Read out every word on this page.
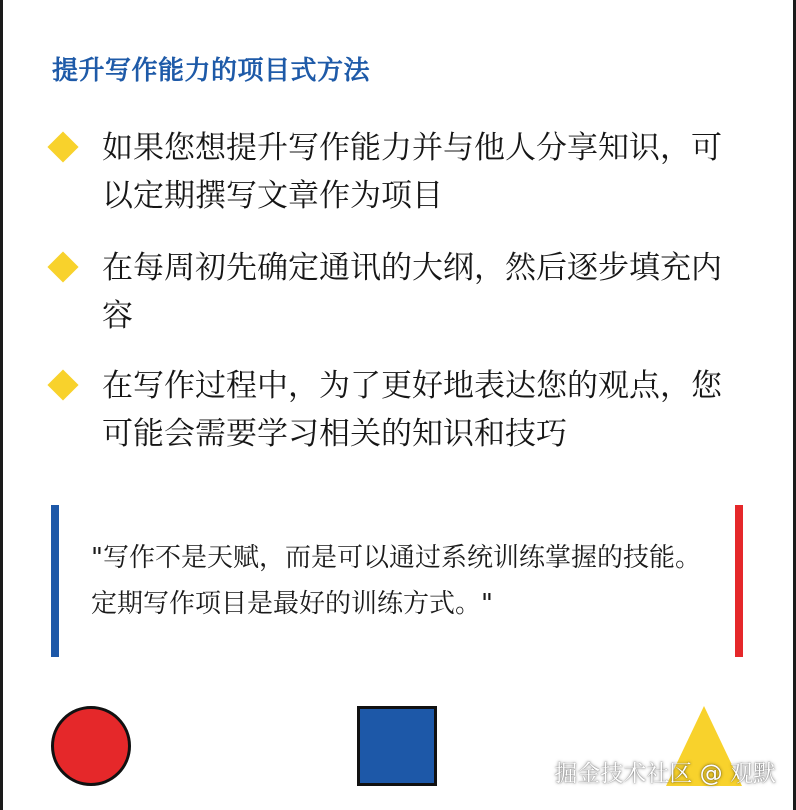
提升写作能力的项目式方法
如果您想提升写作能力并与他人分享知识，可以定期撰写文章作为项目
在每周初先确定通讯的大纲，然后逐步填充内容
在写作过程中，为了更好地表达您的观点，您可能会需要学习相关的知识和技巧
"写作不是天赋，而是可以通过系统训练掌握的技能。定期写作项目是最好的训练方式。"
掘金技术社区 @ 观默
